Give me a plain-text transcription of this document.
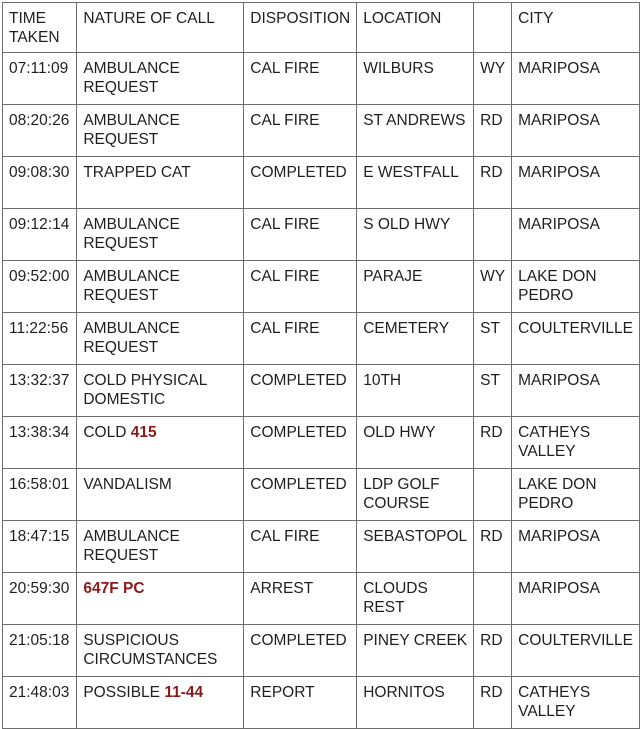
TIME TAKEN	NATURE OF CALL	DISPOSITION	LOCATION		CITY
07:11:09	AMBULANCE REQUEST	CAL FIRE	WILBURS	WY	MARIPOSA
08:20:26	AMBULANCE REQUEST	CAL FIRE	ST ANDREWS	RD	MARIPOSA
09:08:30	TRAPPED CAT	COMPLETED	E WESTFALL	RD	MARIPOSA
09:12:14	AMBULANCE REQUEST	CAL FIRE	S OLD HWY		MARIPOSA
09:52:00	AMBULANCE REQUEST	CAL FIRE	PARAJE	WY	LAKE DON PEDRO
11:22:56	AMBULANCE REQUEST	CAL FIRE	CEMETERY	ST	COULTERVILLE
13:32:37	COLD PHYSICAL DOMESTIC	COMPLETED	10TH	ST	MARIPOSA
13:38:34	COLD 415	COMPLETED	OLD HWY	RD	CATHEYS VALLEY
16:58:01	VANDALISM	COMPLETED	LDP GOLF COURSE		LAKE DON PEDRO
18:47:15	AMBULANCE REQUEST	CAL FIRE	SEBASTOPOL	RD	MARIPOSA
20:59:30	647F PC	ARREST	CLOUDS REST		MARIPOSA
21:05:18	SUSPICIOUS CIRCUMSTANCES	COMPLETED	PINEY CREEK	RD	COULTERVILLE
21:48:03	POSSIBLE 11-44	REPORT	HORNITOS	RD	CATHEYS VALLEY
